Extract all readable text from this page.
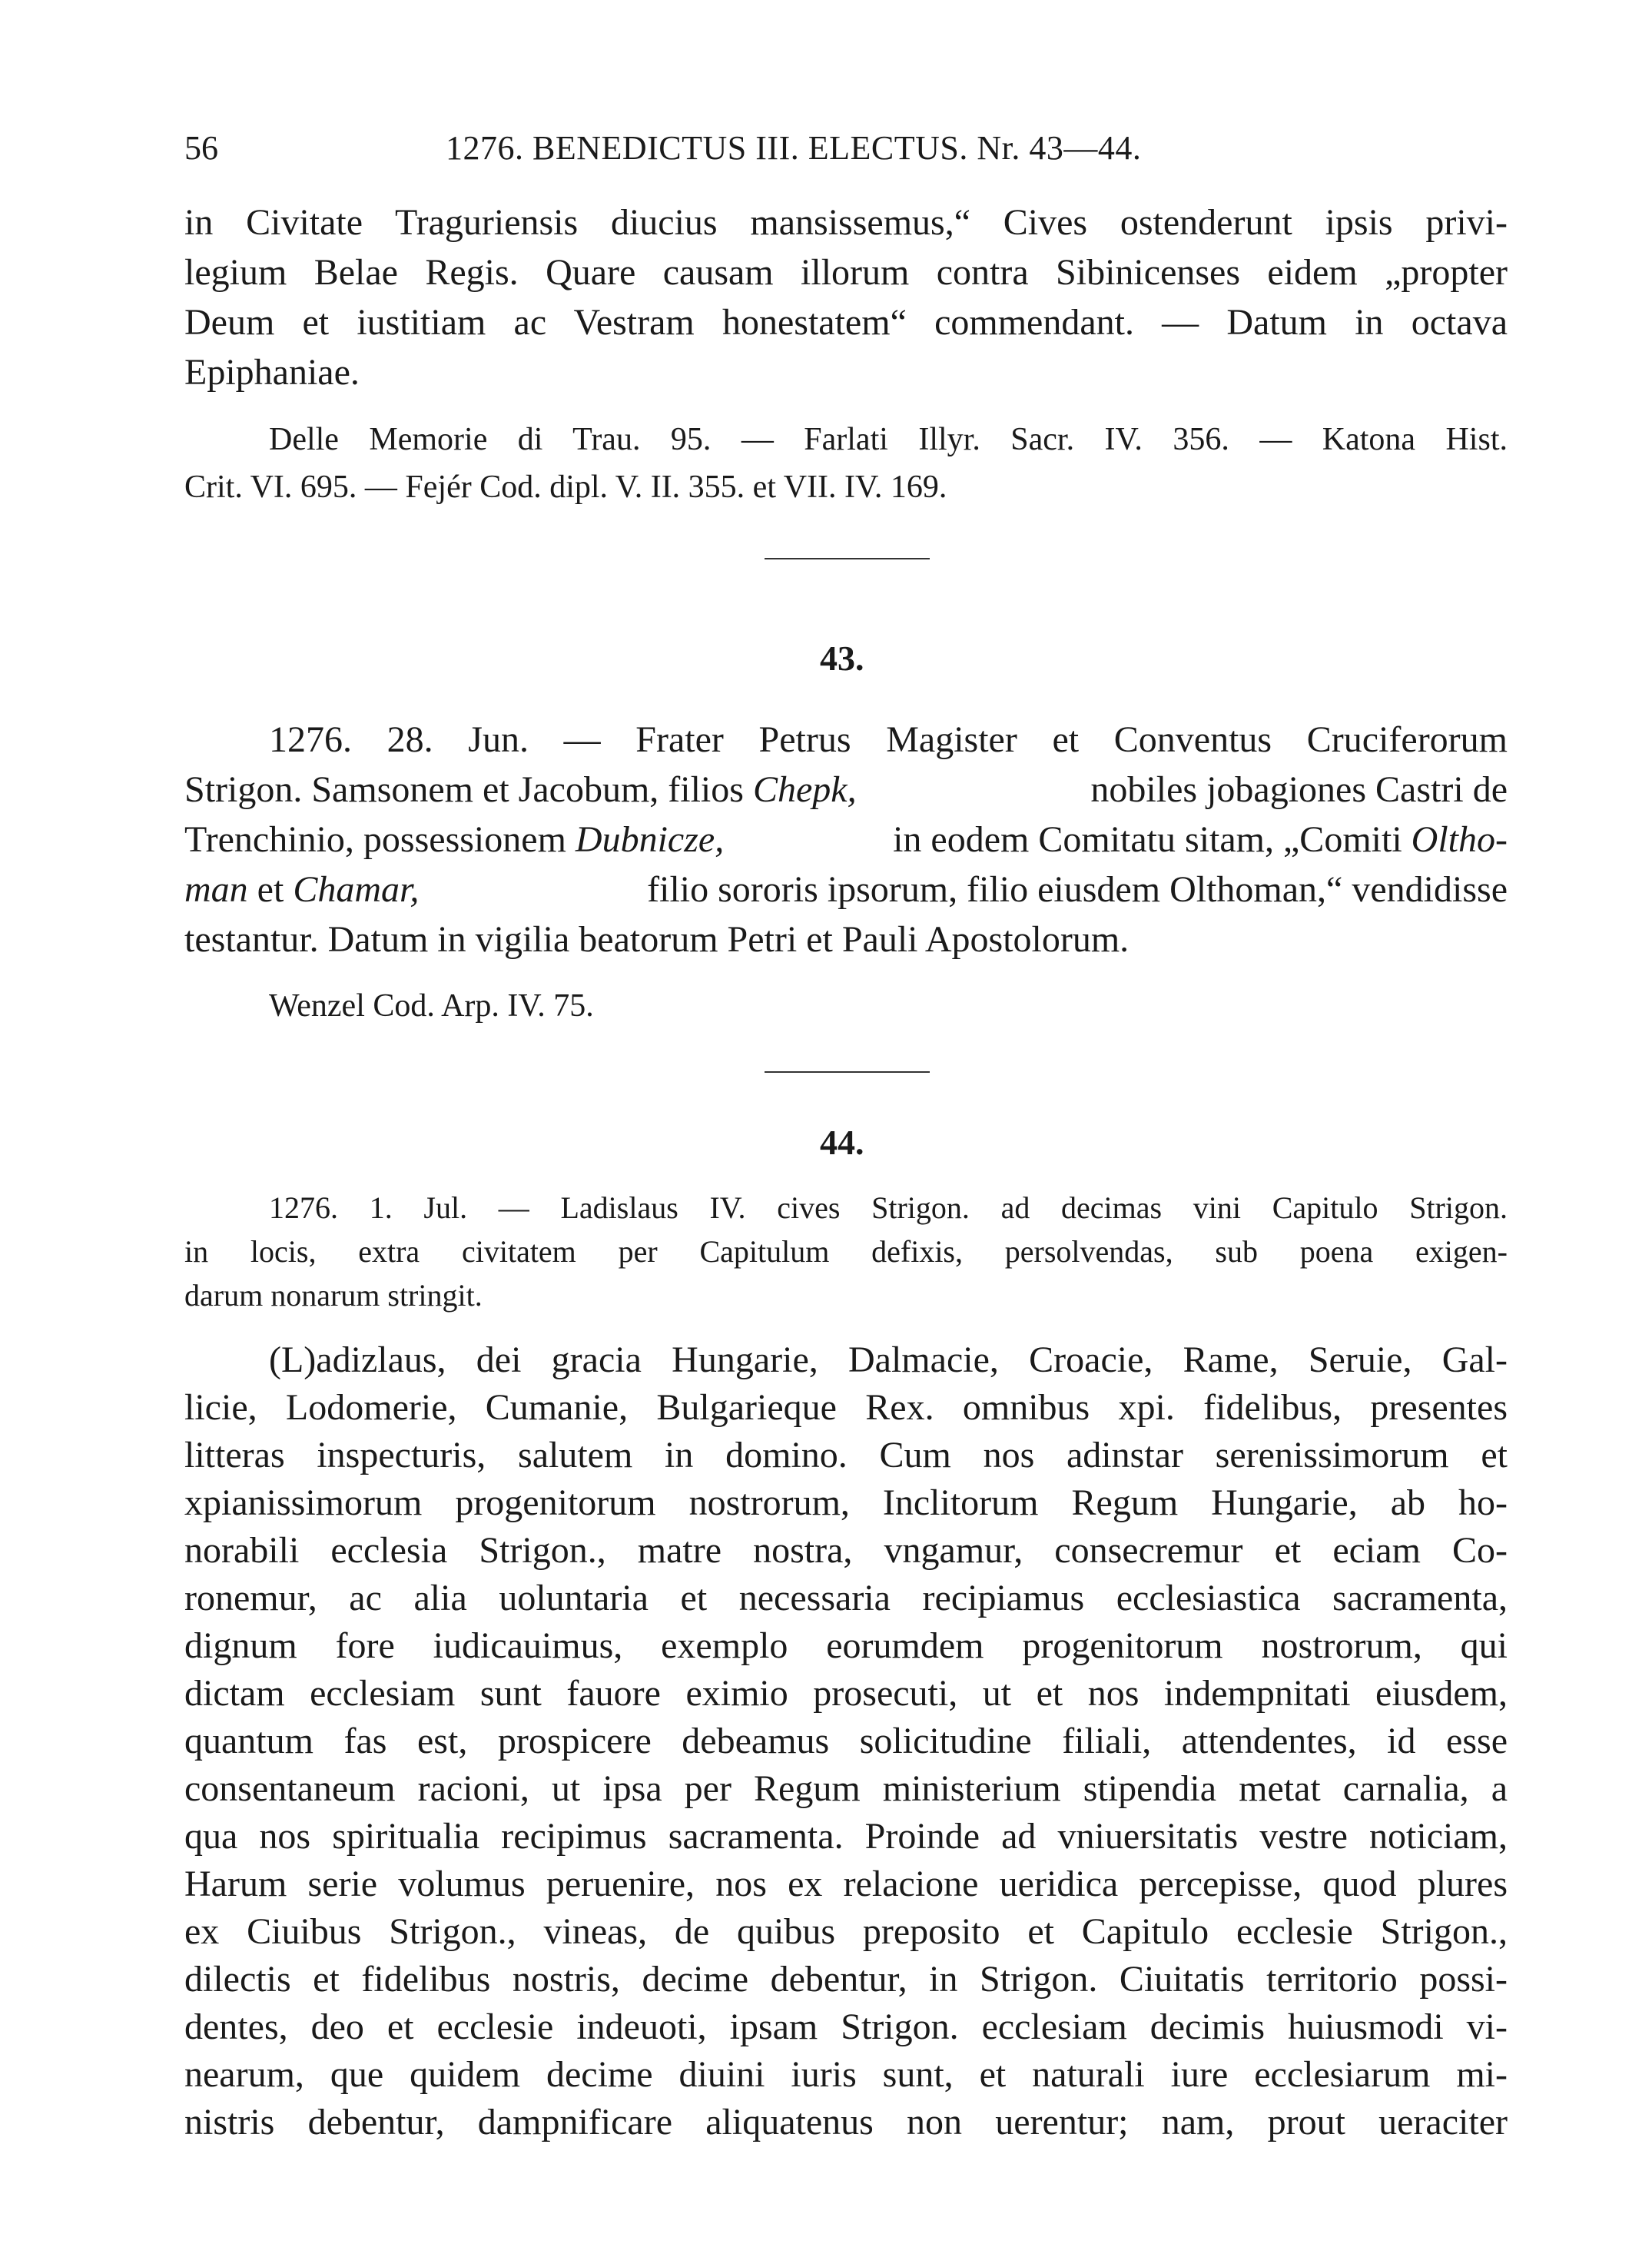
56	1276. BENEDICTUS III. ELECTUS. Nr. 43—44.
in Civitate Traguriensis diucius mansissemus,“ Cives ostenderunt ipsis privi-
legium Belae Regis. Quare causam illorum contra Sibinicenses eidem „propter
Deum et iustitiam ac Vestram honestatem“ commendant. — Datum in octava
Epiphaniae.
Delle Memorie di Trau. 95. — Farlati Illyr. Sacr. IV. 356. — Katona Hist.
Crit. VI. 695. — Fejér Cod. dipl. V. II. 355. et VII. IV. 169.
43.
1276. 28. Jun. — Frater Petrus Magister et Conventus Cruciferorum
Strigon. Samsonem et Jacobum, filios Chepk,	nobiles jobagiones Castri de
Trenchinio, possessionem Dubnicze,	in eodem Comitatu sitam, „Comiti Oltho-
man et Chamar,	filio sororis ipsorum, filio eiusdem Olthoman,“ vendidisse
testantur. Datum in vigilia beatorum Petri et Pauli Apostolorum.
Wenzel Cod. Arp. IV. 75.
44.
1276. 1. Jul. — Ladislaus IV. cives Strigon. ad decimas vini Capitulo Strigon.
in locis, extra civitatem per Capitulum defixis, persolvendas, sub poena exigen-
darum nonarum stringit.
(L)adizlaus, dei gracia Hungarie, Dalmacie, Croacie, Rame, Seruie, Gal-
licie, Lodomerie, Cumanie, Bulgarieque Rex. omnibus xpi. fidelibus, presentes
litteras inspecturis, salutem in domino. Cum nos adinstar serenissimorum et
xpianissimorum progenitorum nostrorum, Inclitorum Regum Hungarie, ab ho-
norabili ecclesia Strigon., matre nostra, vngamur, consecremur et eciam Co-
ronemur, ac alia uoluntaria et necessaria recipiamus ecclesiastica sacramenta,
dignum fore iudicauimus, exemplo eorumdem progenitorum nostrorum, qui
dictam ecclesiam sunt fauore eximio prosecuti, ut et nos indempnitati eiusdem,
quantum fas est, prospicere debeamus solicitudine filiali, attendentes, id esse
consentaneum racioni, ut ipsa per Regum ministerium stipendia metat carnalia, a
qua nos spiritualia recipimus sacramenta. Proinde ad vniuersitatis vestre noticiam,
Harum serie volumus peruenire, nos ex relacione ueridica percepisse, quod plures
ex Ciuibus Strigon., vineas, de quibus preposito et Capitulo ecclesie Strigon.,
dilectis et fidelibus nostris, decime debentur, in Strigon. Ciuitatis territorio possi-
dentes, deo et ecclesie indeuoti, ipsam Strigon. ecclesiam decimis huiusmodi vi-
nearum, que quidem decime diuini iuris sunt, et naturali iure ecclesiarum mi-
nistris debentur, dampnificare aliquatenus non uerentur; nam, prout ueraciter
